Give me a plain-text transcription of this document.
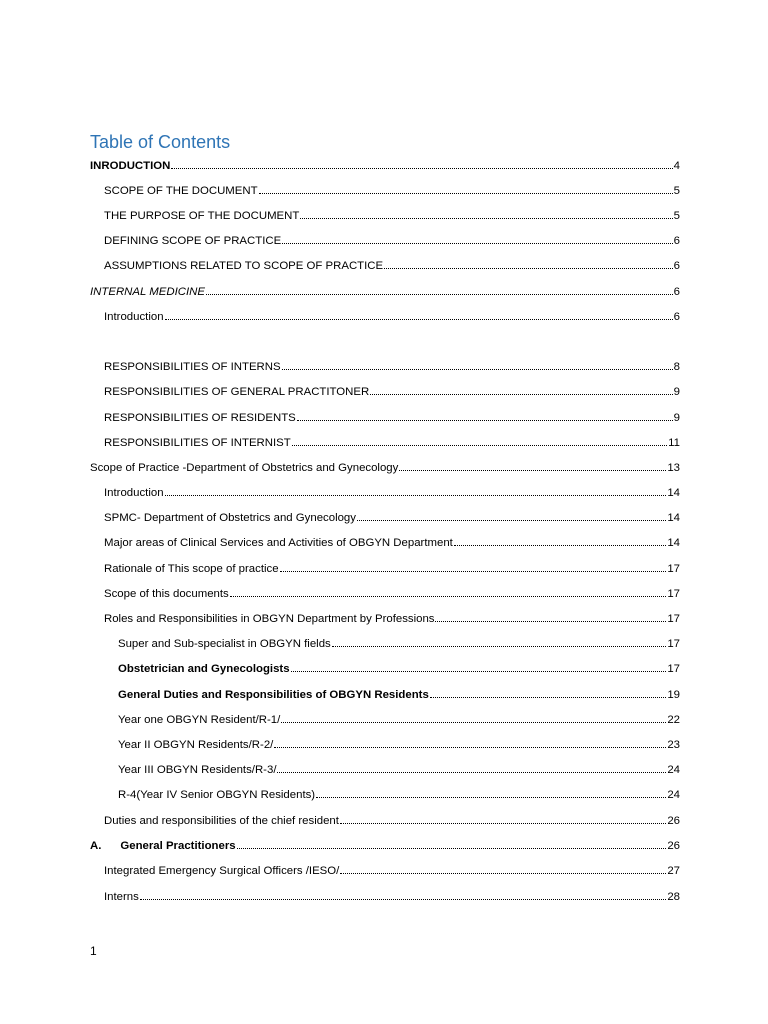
Table of Contents
INRODUCTION	4
SCOPE OF THE DOCUMENT	5
THE PURPOSE OF THE DOCUMENT	5
DEFINING SCOPE OF PRACTICE	6
ASSUMPTIONS RELATED TO SCOPE OF PRACTICE	6
INTERNAL MEDICINE	6
Introduction	6
RESPONSIBILITIES OF INTERNS	8
RESPONSIBILITIES OF GENERAL PRACTITONER	9
RESPONSIBILITIES OF RESIDENTS	9
RESPONSIBILITIES OF INTERNIST	11
Scope of Practice -Department of Obstetrics and Gynecology	13
Introduction	14
SPMC- Department of Obstetrics and Gynecology	14
Major areas of Clinical Services and Activities of OBGYN Department	14
Rationale of This scope of practice	17
Scope of this documents	17
Roles and Responsibilities in OBGYN Department by Professions	17
Super and Sub-specialist in OBGYN fields	17
Obstetrician and Gynecologists	17
General Duties and Responsibilities of OBGYN Residents	19
Year one OBGYN Resident/R-1/	22
Year II OBGYN Residents/R-2/	23
Year III OBGYN Residents/R-3/	24
R-4(Year IV Senior OBGYN Residents)	24
Duties and responsibilities of the chief resident	26
A.      General Practitioners	26
Integrated Emergency Surgical Officers /IESO/	27
Interns	28
1
